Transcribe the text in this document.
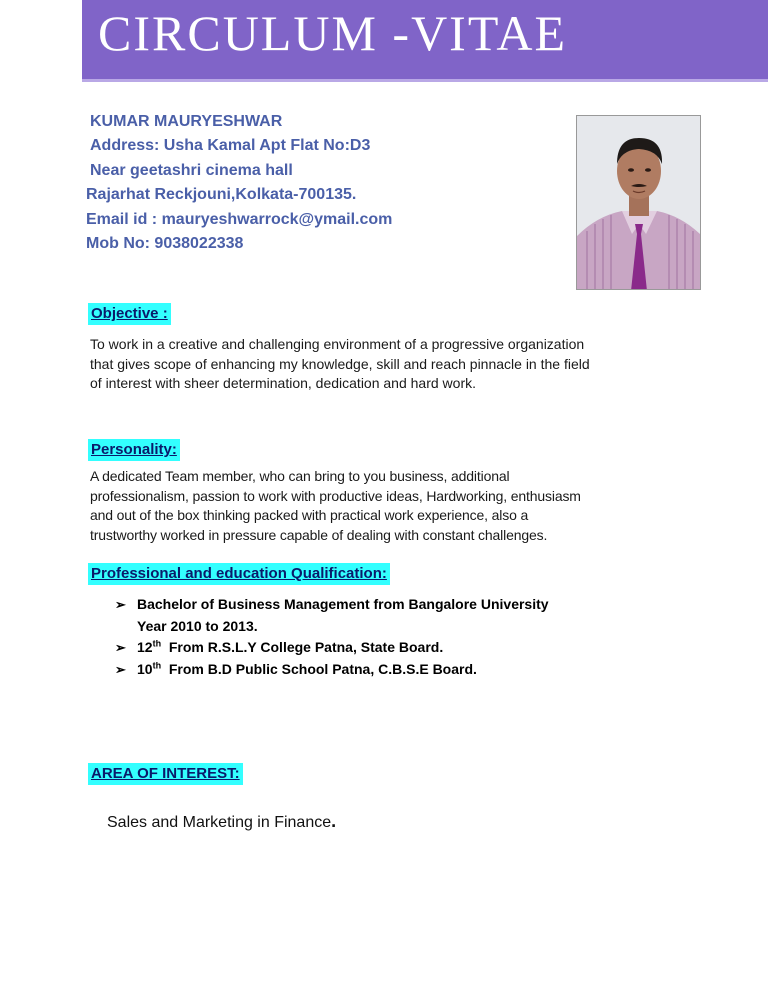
CIRCULUM -VITAE
KUMAR MAURYESHWAR
Address: Usha Kamal Apt Flat No:D3
Near geetashri cinema hall
Rajarhat Reckjouni,Kolkata-700135.
Email id : mauryeshwarrock@ymail.com
Mob No: 9038022338
Objective :
To work in a creative and challenging environment of a progressive organization
that gives scope of enhancing my knowledge, skill and reach pinnacle in the field
of interest with sheer determination, dedication and hard work.
Personality:
A dedicated Team member, who can bring to you business, additional
professionalism, passion to work with productive ideas, Hardworking, enthusiasm
and out of the box thinking packed with practical work experience, also a
trustworthy worked in pressure capable of dealing with constant challenges.
Professional and education Qualification:
➢ Bachelor of Business Management from Bangalore University
Year 2010 to 2013.
➢ 12th From R.S.L.Y College Patna, State Board.
➢ 10th From B.D Public School Patna, C.B.S.E Board.
AREA OF INTEREST:
Sales and Marketing in Finance.
